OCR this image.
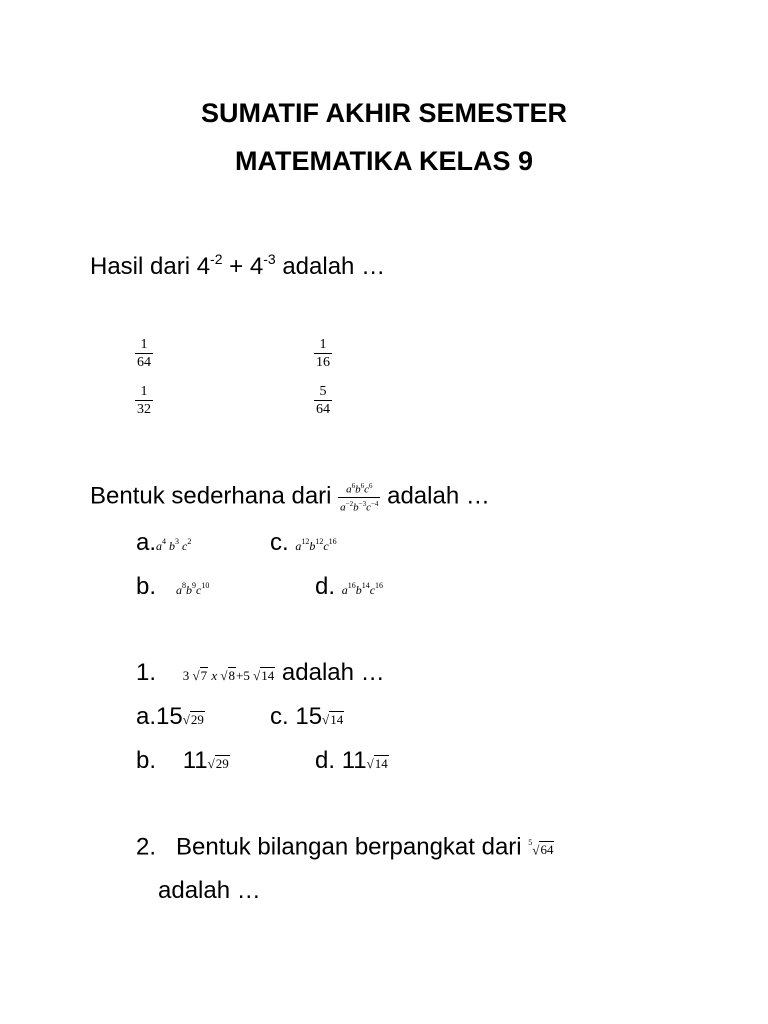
SUMATIF AKHIR SEMESTER
MATEMATIKA KELAS 9
Hasil dari $4^{-2} + 4^{-3}$ adalah …
$\frac{1}{64}$	$\frac{1}{16}$
$\frac{1}{32}$	$\frac{5}{64}$
Bentuk sederhana dari $\frac{a^6b^6c^6}{a^{-2}b^{-3}c^{-4}}$ adalah …
$a.a^4$ $b^3$ $c^2$	c. $a^{12}b^{12}c^{16}$
b. $a^8b^9c^{10}$	d. $a^{16}b^{14}c^{16}$
1. 3 √7 x √8+5 √14 adalah …
a.15√29	c. 15√14
b. 11√29	d. 11√14
2. Bentuk bilangan berpangkat dari $^5$√64
adalah …
